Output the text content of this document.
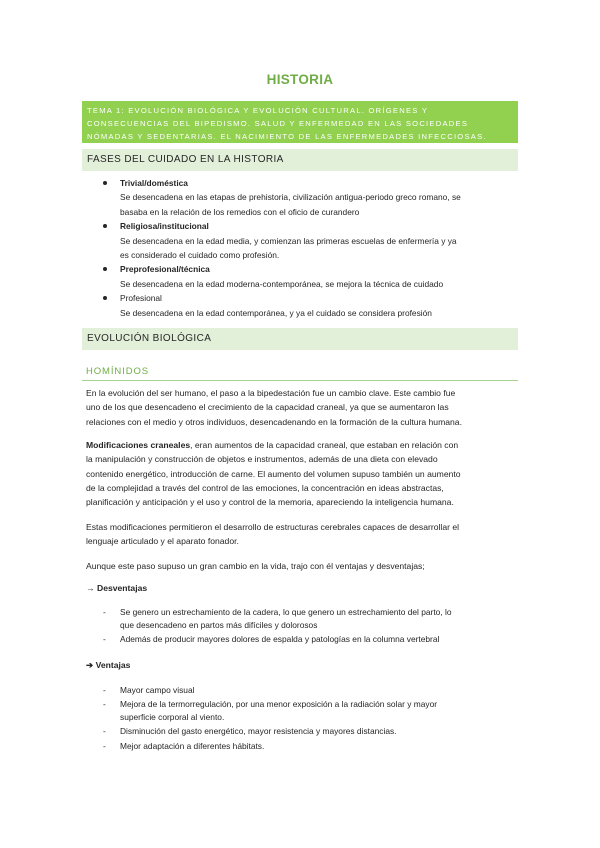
HISTORIA
TEMA 1: EVOLUCIÓN BIOLÓGICA Y EVOLUCIÓN CULTURAL. ORÍGENES Y
CONSECUENCIAS DEL BIPEDISMO. SALUD Y ENFERMEDAD EN LAS SOCIEDADES
NÓMADAS Y SEDENTARIAS. EL NACIMIENTO DE LAS ENFERMEDADES INFECCIOSAS.
FASES DEL CUIDADO EN LA HISTORIA
Trivial/doméstica
Se desencadena en las etapas de prehistoria, civilización antigua-periodo greco romano, se
basaba en la relación de los remedios con el oficio de curandero
Religiosa/institucional
Se desencadena en la edad media, y comienzan las primeras escuelas de enfermería y ya
es considerado el cuidado como profesión.
Preprofesional/técnica
Se desencadena en la edad moderna-contemporánea, se mejora la técnica de cuidado
Profesional
Se desencadena en la edad contemporánea, y ya el cuidado se considera profesión
EVOLUCIÓN BIOLÓGICA
HOMÍNIDOS
En la evolución del ser humano, el paso a la bipedestación fue un cambio clave. Este cambio fue
uno de los que desencadeno el crecimiento de la capacidad craneal, ya que se aumentaron las
relaciones con el medio y otros individuos, desencadenando en la formación de la cultura humana.
Modificaciones craneales, eran aumentos de la capacidad craneal, que estaban en relación con
la manipulación y construcción de objetos e instrumentos, además de una dieta con elevado
contenido energético, introducción de carne. El aumento del volumen supuso también un aumento
de la complejidad a través del control de las emociones, la concentración en ideas abstractas,
planificación y anticipación y el uso y control de la memoria, apareciendo la inteligencia humana.
Estas modificaciones permitieron el desarrollo de estructuras cerebrales capaces de desarrollar el
lenguaje articulado y el aparato fonador.
Aunque este paso supuso un gran cambio en la vida, trajo con él ventajas y desventajas;
→ Desventajas
- Se genero un estrechamiento de la cadera, lo que genero un estrechamiento del parto, lo
que desencadeno en partos más difíciles y dolorosos
- Además de producir mayores dolores de espalda y patologías en la columna vertebral
➔ Ventajas
- Mayor campo visual
- Mejora de la termorregulación, por una menor exposición a la radiación solar y mayor
superficie corporal al viento.
- Disminución del gasto energético, mayor resistencia y mayores distancias.
- Mejor adaptación a diferentes hábitats.
